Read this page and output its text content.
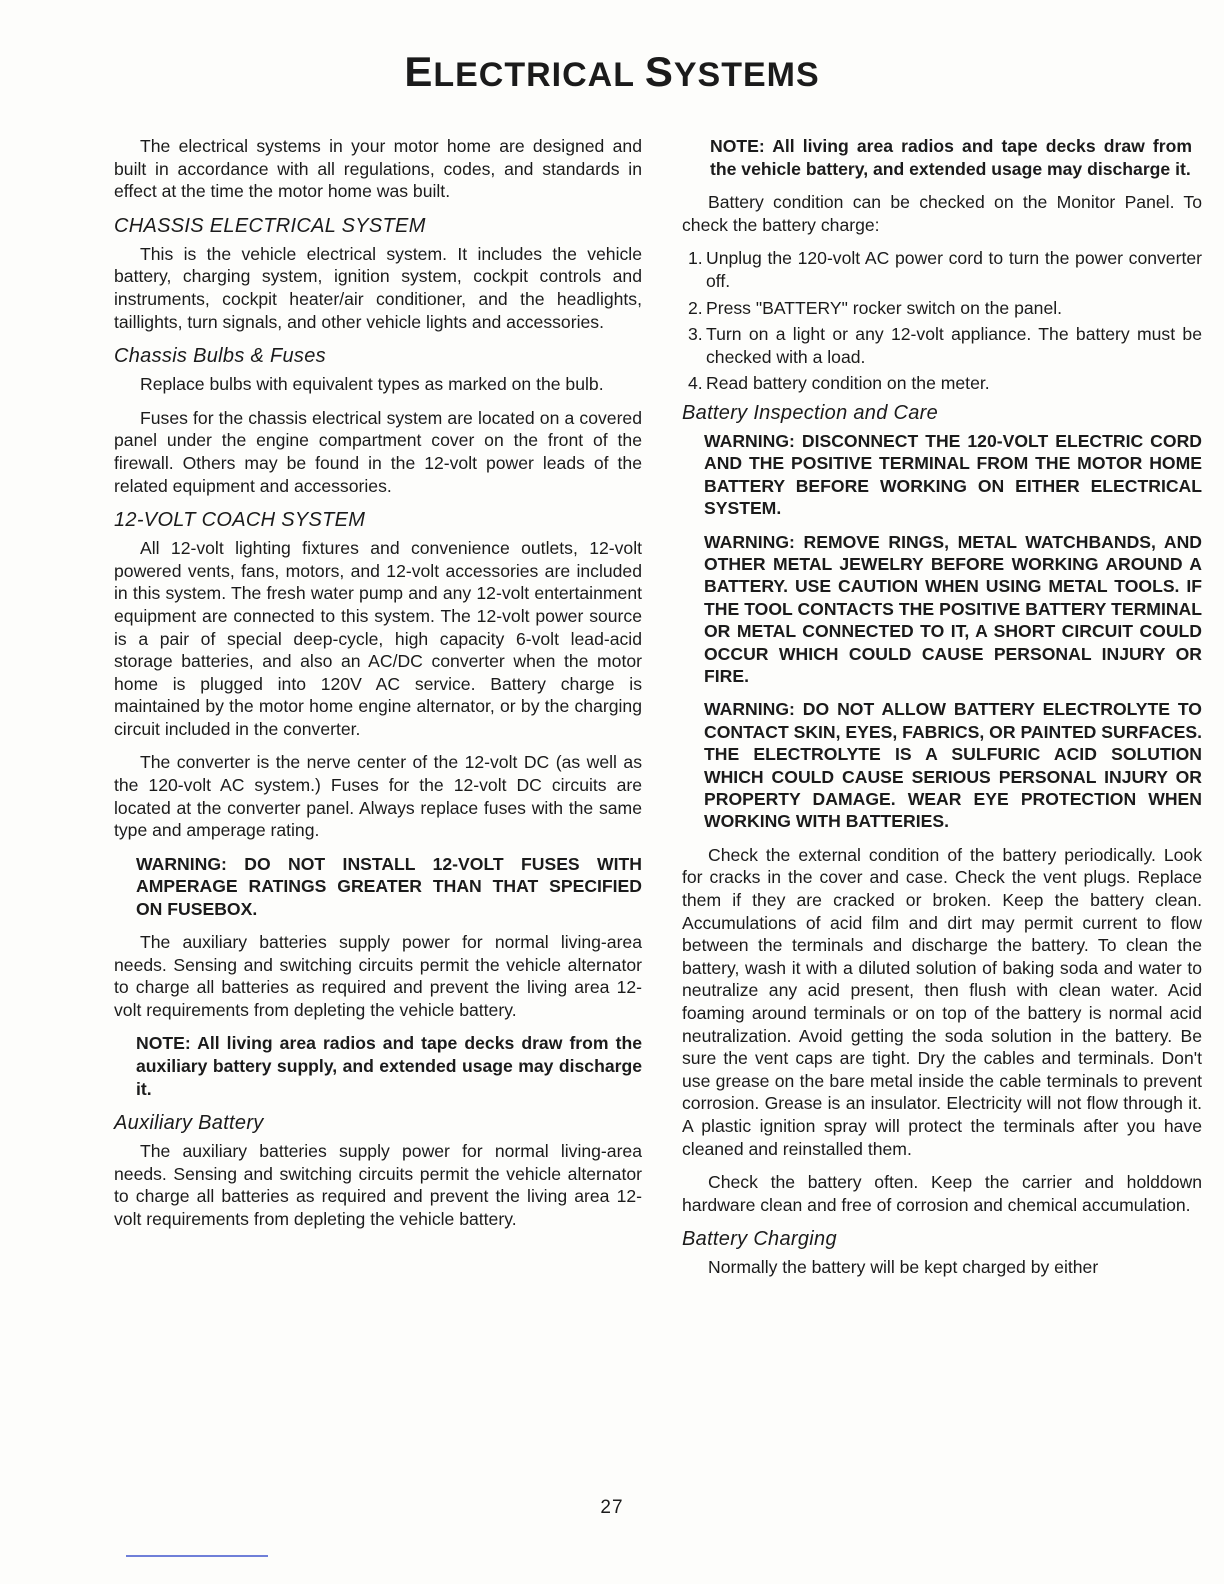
ELECTRICAL SYSTEMS

The electrical systems in your motor home are designed and built in accordance with all regulations, codes, and standards in effect at the time the motor home was built.

CHASSIS ELECTRICAL SYSTEM

This is the vehicle electrical system. It includes the vehicle battery, charging system, ignition system, cockpit controls and instruments, cockpit heater/air conditioner, and the headlights, taillights, turn signals, and other vehicle lights and accessories.

Chassis Bulbs & Fuses

Replace bulbs with equivalent types as marked on the bulb.

Fuses for the chassis electrical system are located on a covered panel under the engine compartment cover on the front of the firewall. Others may be found in the 12-volt power leads of the related equipment and accessories.

12-VOLT COACH SYSTEM

All 12-volt lighting fixtures and convenience outlets, 12-volt powered vents, fans, motors, and 12-volt accessories are included in this system. The fresh water pump and any 12-volt entertainment equipment are connected to this system. The 12-volt power source is a pair of special deep-cycle, high capacity 6-volt lead-acid storage batteries, and also an AC/DC converter when the motor home is plugged into 120V AC service. Battery charge is maintained by the motor home engine alternator, or by the charging circuit included in the converter.

The converter is the nerve center of the 12-volt DC (as well as the 120-volt AC system.) Fuses for the 12-volt DC circuits are located at the converter panel. Always replace fuses with the same type and amperage rating.

WARNING: DO NOT INSTALL 12-VOLT FUSES WITH AMPERAGE RATINGS GREATER THAN THAT SPECIFIED ON FUSEBOX.

The auxiliary batteries supply power for normal living-area needs. Sensing and switching circuits permit the vehicle alternator to charge all batteries as required and prevent the living area 12-volt requirements from depleting the vehicle battery.

NOTE: All living area radios and tape decks draw from the auxiliary battery supply, and extended usage may discharge it.
Auxiliary Battery

The auxiliary batteries supply power for normal living-area needs. Sensing and switching circuits permit the vehicle alternator to charge all batteries as required and prevent the living area 12-volt requirements from depleting the vehicle battery.

NOTE: All living area radios and tape decks draw from the vehicle battery, and extended usage may discharge it.

Battery condition can be checked on the Monitor Panel. To check the battery charge:

1. Unplug the 120-volt AC power cord to turn the power converter off.
2. Press "BATTERY" rocker switch on the panel.
3. Turn on a light or any 12-volt appliance. The battery must be checked with a load.
4. Read battery condition on the meter.
Battery Inspection and Care
WARNING: DISCONNECT THE 120-VOLT ELECTRIC CORD AND THE POSITIVE TERMINAL FROM THE MOTOR HOME BATTERY BEFORE WORKING ON EITHER ELECTRICAL SYSTEM.
WARNING: REMOVE RINGS, METAL WATCHBANDS, AND OTHER METAL JEWELRY BEFORE WORKING AROUND A BATTERY. USE CAUTION WHEN USING METAL TOOLS. IF THE TOOL CONTACTS THE POSITIVE BATTERY TERMINAL OR METAL CONNECTED TO IT, A SHORT CIRCUIT COULD OCCUR WHICH COULD CAUSE PERSONAL INJURY OR FIRE.
WARNING: DO NOT ALLOW BATTERY ELECTROLYTE TO CONTACT SKIN, EYES, FABRICS, OR PAINTED SURFACES. THE ELECTROLYTE IS A SULFURIC ACID SOLUTION WHICH COULD CAUSE SERIOUS PERSONAL INJURY OR PROPERTY DAMAGE. WEAR EYE PROTECTION WHEN WORKING WITH BATTERIES.

Check the external condition of the battery periodically. Look for cracks in the cover and case. Check the vent plugs. Replace them if they are cracked or broken. Keep the battery clean. Accumulations of acid film and dirt may permit current to flow between the terminals and discharge the battery. To clean the battery, wash it with a diluted solution of baking soda and water to neutralize any acid present, then flush with clean water. Acid foaming around terminals or on top of the battery is normal acid neutralization. Avoid getting the soda solution in the battery. Be sure the vent caps are tight. Dry the cables and terminals. Don't use grease on the bare metal inside the cable terminals to prevent corrosion. Grease is an insulator. Electricity will not flow through it. A plastic ignition spray will protect the terminals after you have cleaned and reinstalled them.

Check the battery often. Keep the carrier and holddown hardware clean and free of corrosion and chemical accumulation.

Battery Charging

Normally the battery will be kept charged by either

27
